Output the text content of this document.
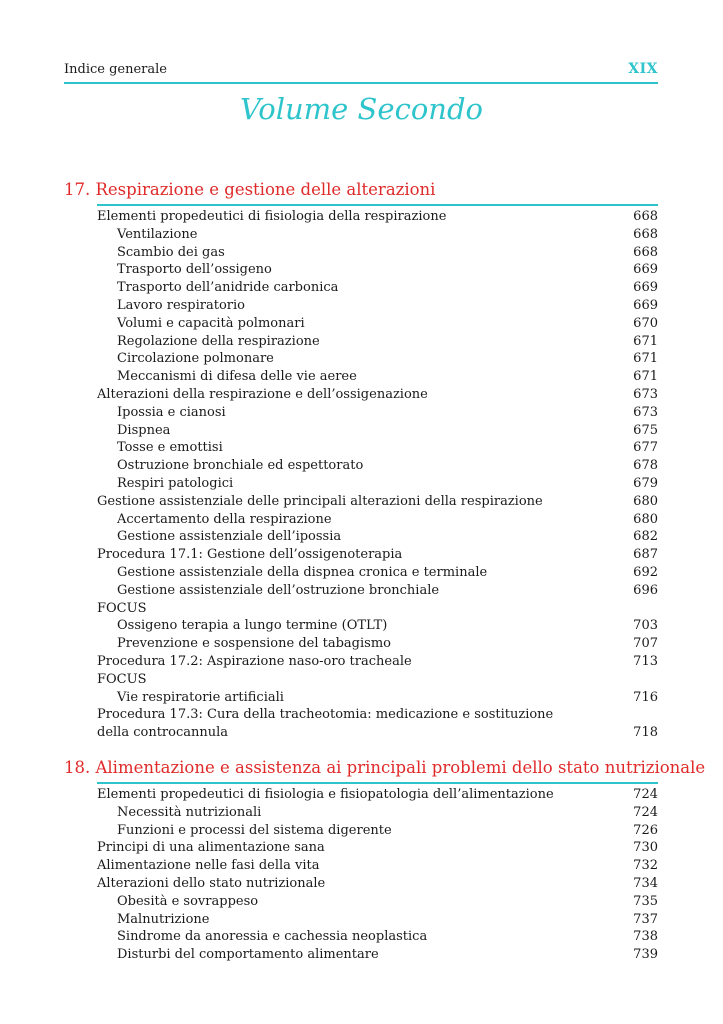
Indice generale	XIX
Volume Secondo
17. Respirazione e gestione delle alterazioni
Elementi propedeutici di fisiologia della respirazione	668
Ventilazione	668
Scambio dei gas	668
Trasporto dell’ossigeno	669
Trasporto dell’anidride carbonica	669
Lavoro respiratorio	669
Volumi e capacità polmonari	670
Regolazione della respirazione	671
Circolazione polmonare	671
Meccanismi di difesa delle vie aeree	671
Alterazioni della respirazione e dell’ossigenazione	673
Ipossia e cianosi	673
Dispnea	675
Tosse e emottisi	677
Ostruzione bronchiale ed espettorato	678
Respiri patologici	679
Gestione assistenziale delle principali alterazioni della respirazione	680
Accertamento della respirazione	680
Gestione assistenziale dell’ipossia	682
Procedura 17.1: Gestione dell’ossigenoterapia	687
Gestione assistenziale della dispnea cronica e terminale	692
Gestione assistenziale dell’ostruzione bronchiale	696
FOCUS
Ossigeno terapia a lungo termine (OTLT)	703
Prevenzione e sospensione del tabagismo	707
Procedura 17.2: Aspirazione naso-oro tracheale	713
FOCUS
Vie respiratorie artificiali	716
Procedura 17.3: Cura della tracheotomia: medicazione e sostituzione
della controcannula	718
18. Alimentazione e assistenza ai principali problemi dello stato nutrizionale
Elementi propedeutici di fisiologia e fisiopatologia dell’alimentazione	724
Necessità nutrizionali	724
Funzioni e processi del sistema digerente	726
Principi di una alimentazione sana	730
Alimentazione nelle fasi della vita	732
Alterazioni dello stato nutrizionale	734
Obesità e sovrappeso	735
Malnutrizione	737
Sindrome da anoressia e cachessia neoplastica	738
Disturbi del comportamento alimentare	739
